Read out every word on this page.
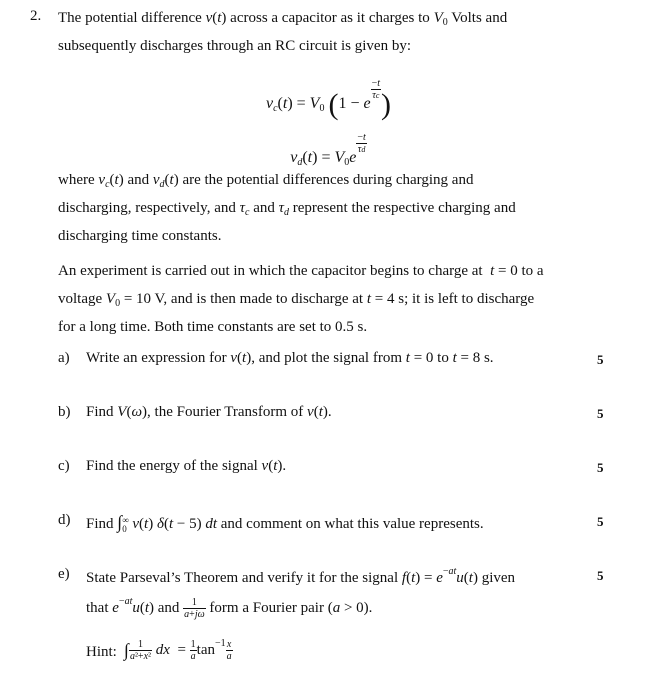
2. The potential difference v(t) across a capacitor as it charges to $V_0$ Volts and
subsequently discharges through an RC circuit is given by:
$v_c(t) = V_0$ (1 − e
$\frac{-t}{\tau c}$ )
$v_d(t) = V_0e$
$\frac{-t}{\tau d}$
where $v_c(t)$ and $v_d(t)$ are the potential differences during charging and
discharging, respectively, and $\tau_c$ and $\tau_d$ represent the respective charging and
discharging time constants.
An experiment is carried out in which the capacitor begins to charge at  t = 0 to a
voltage $V_0 = 10$ V, and is then made to discharge at t = 4 s; it is left to discharge
for a long time. Both time constants are set to 0.5 s.
a) Write an expression for v(t), and plot the signal from t = 0 to t = 8 s.	5
b) Find V(ω), the Fourier Transform of v(t).	5
c) Find the energy of the signal v(t).	5
d) Find ∫ ∞
0 v(t) δ(t − 5) dt and comment on what this value represents.	5
e) State Parseval’s Theorem and verify it for the signal $f(t) = e^{-at}u(t)$ given	5
that $e^{-at}u(t)$ and $\frac{1}{a+j\omega}$ form a Fourier pair (a > 0).
Hint: ∫ $\frac{1}{\text{a²+x²}}$ dx  = $\frac{1}{a} \tan^{-1} \frac{x}{a}$
